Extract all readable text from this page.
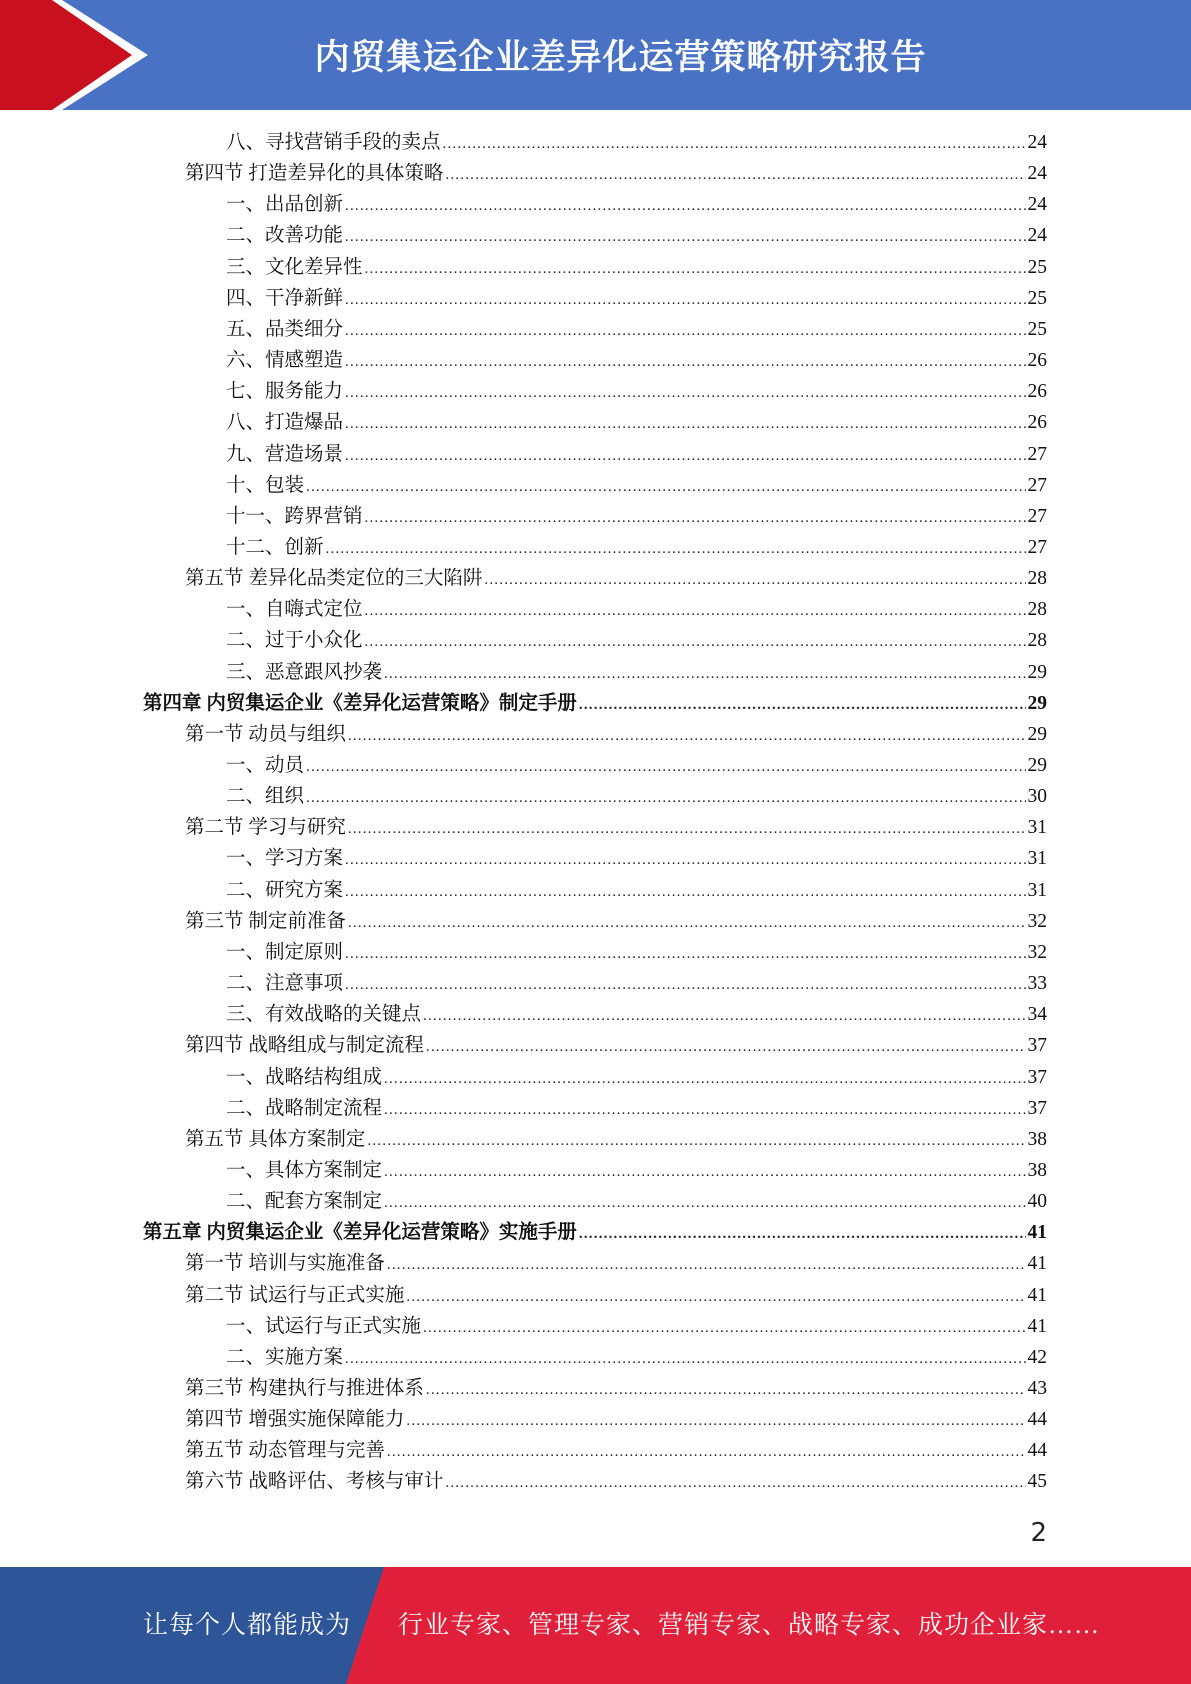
内贸集运企业差异化运营策略研究报告
八、寻找营销手段的卖点 .....	24
第四节 打造差异化的具体策略 .....	24
一、出品创新 .....	24
二、改善功能 .....	24
三、文化差异性 .....	25
四、干净新鲜 .....	25
五、品类细分 .....	25
六、情感塑造 .....	26
七、服务能力 .....	26
八、打造爆品 .....	26
九、营造场景 .....	27
十、包装 .....	27
十一、跨界营销 .....	27
十二、创新 .....	27
第五节 差异化品类定位的三大陷阱 .....	28
一、自嗨式定位 .....	28
二、过于小众化 .....	28
三、恶意跟风抄袭 .....	29
第四章 内贸集运企业《差异化运营策略》制定手册 .....	29
第一节 动员与组织 .....	29
一、动员 .....	29
二、组织 .....	30
第二节 学习与研究 .....	31
一、学习方案 .....	31
二、研究方案 .....	31
第三节 制定前准备 .....	32
一、制定原则 .....	32
二、注意事项 .....	33
三、有效战略的关键点 .....	34
第四节 战略组成与制定流程 .....	37
一、战略结构组成 .....	37
二、战略制定流程 .....	37
第五节 具体方案制定 .....	38
一、具体方案制定 .....	38
二、配套方案制定 .....	40
第五章 内贸集运企业《差异化运营策略》实施手册 .....	41
第一节 培训与实施准备 .....	41
第二节 试运行与正式实施 .....	41
一、试运行与正式实施 .....	41
二、实施方案 .....	42
第三节 构建执行与推进体系 .....	43
第四节 增强实施保障能力 .....	44
第五节 动态管理与完善 .....	44
第六节 战略评估、考核与审计 .....	45
2
让每个人都能成为 行业专家、管理专家、营销专家、战略专家、成功企业家……
